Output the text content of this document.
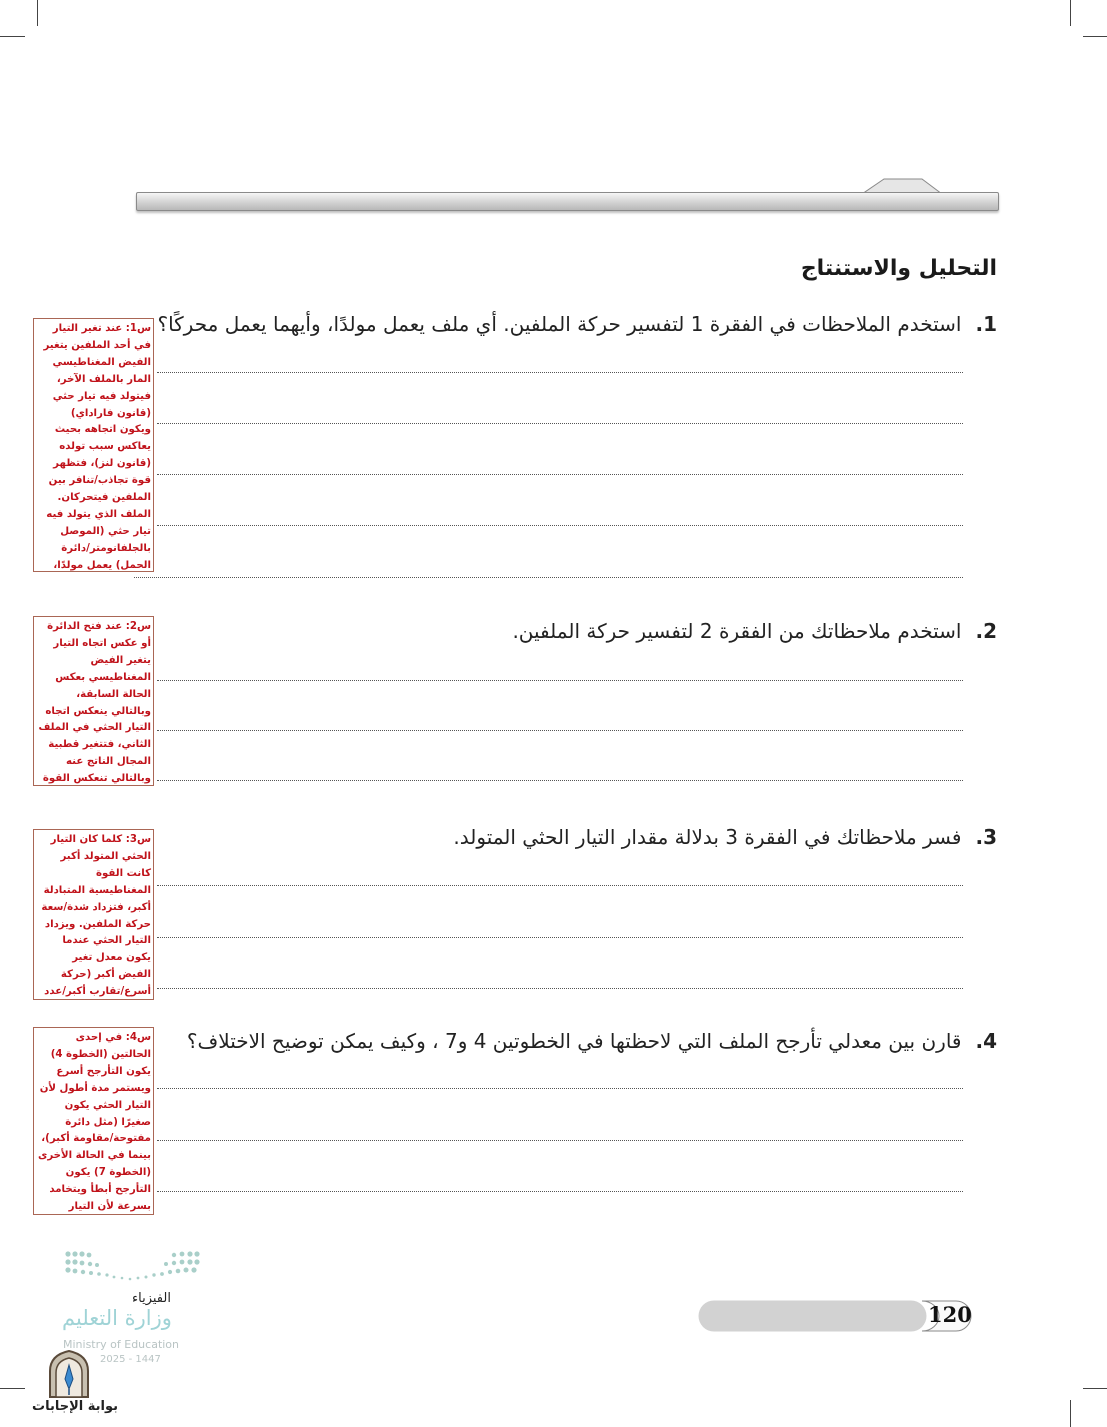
التحليل والاستنتاج
1.استخدم الملاحظات في الفقرة 1 لتفسير حركة الملفين. أي ملف يعمل مولدًا، وأيهما يعمل محركًا؟
س1: عند تغير التيار في أحد الملفين يتغير الفيض المغناطيسي المار بالملف الآخر، فيتولد فيه تيار حثي (قانون فاراداي) ويكون اتجاهه بحيث يعاكس سبب تولده (قانون لنز)، فتظهر قوة تجاذب/تنافر بين الملفين فيتحركان. الملف الذي يتولد فيه تيار حثي (الموصل بالجلفانومتر/دائرة الحمل) يعمل مولدًا،
2.استخدم ملاحظاتك من الفقرة 2 لتفسير حركة الملفين.
س2: عند فتح الدائرة أو عكس اتجاه التيار يتغير الفيض المغناطيسي بعكس الحالة السابقة، وبالتالي ينعكس اتجاه التيار الحثي في الملف الثاني، فتتغير قطبية المجال الناتج عنه وبالتالي تنعكس القوة
3.فسر ملاحظاتك في الفقرة 3 بدلالة مقدار التيار الحثي المتولد.
س3: كلما كان التيار الحثي المتولد أكبر كانت القوة المغناطيسية المتبادلة أكبر، فتزداد شدة/سعة حركة الملفين. ويزداد التيار الحثي عندما يكون معدل تغير الفيض أكبر (حركة أسرع/تقارب أكبر/عدد
4.قارن بين معدلي تأرجح الملف التي لاحظتها في الخطوتين 4 و7 ، وكيف يمكن توضيح الاختلاف؟
س4: في إحدى الحالتين (الخطوة 4) يكون التأرجح أسرع ويستمر مدة أطول لأن التيار الحثي يكون صغيرًا (مثل دائرة مفتوحة/مقاومة أكبر)، بينما في الحالة الأخرى (الخطوة 7) يكون التأرجح أبطأ ويتخامد بسرعة لأن التيار
120
الفيزياء
وزارة التعليم
Ministry of Education
2025 - 1447
بوابة الإجابات
